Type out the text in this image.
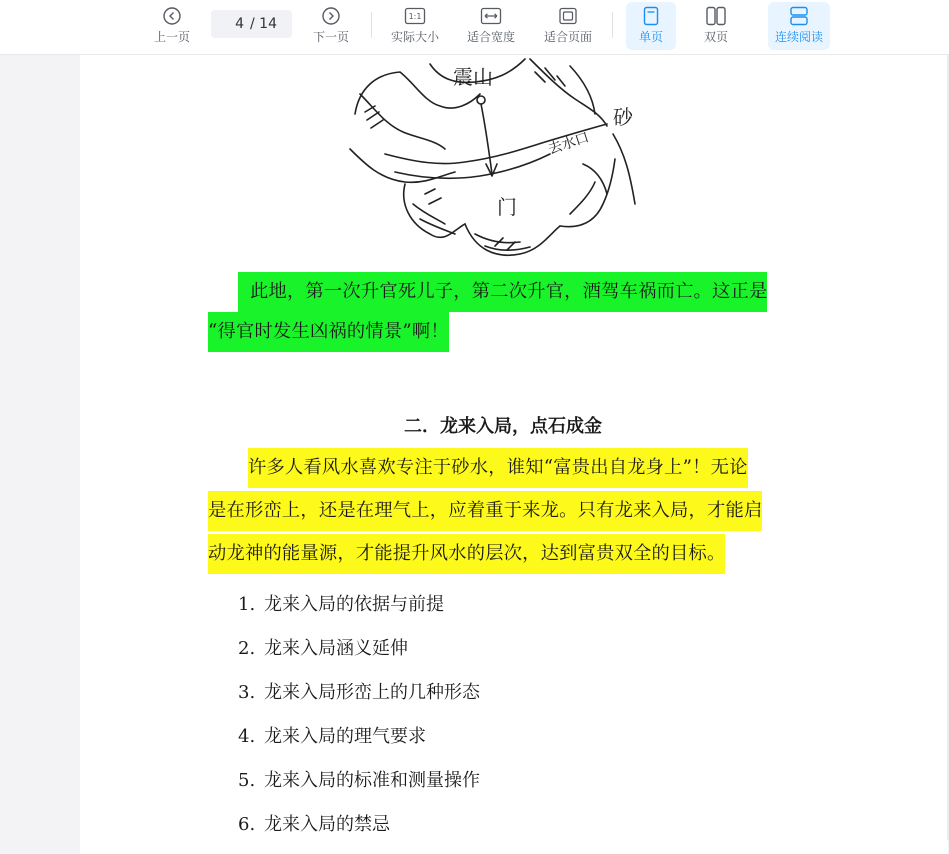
上一页
4
/ 14
下一页
1:1
实际大小 适合宽度 适合页面	单页	双页	连续阅读
震山
去水口
砂
门
此地，第一次升官死儿子，第二次升官，酒驾车祸而亡。这正是
“得官时发生凶祸的情景”啊！
二．龙来入局，点石成金
许多人看风水喜欢专注于砂水，谁知“富贵出自龙身上”！无论
是在形峦上，还是在理气上，应着重于来龙。只有龙来入局，才能启
动龙神的能量源，才能提升风水的层次，达到富贵双全的目标。
1. 龙来入局的依据与前提
2. 龙来入局涵义延伸
3. 龙来入局形峦上的几种形态
4. 龙来入局的理气要求
5. 龙来入局的标准和测量操作
6. 龙来入局的禁忌
